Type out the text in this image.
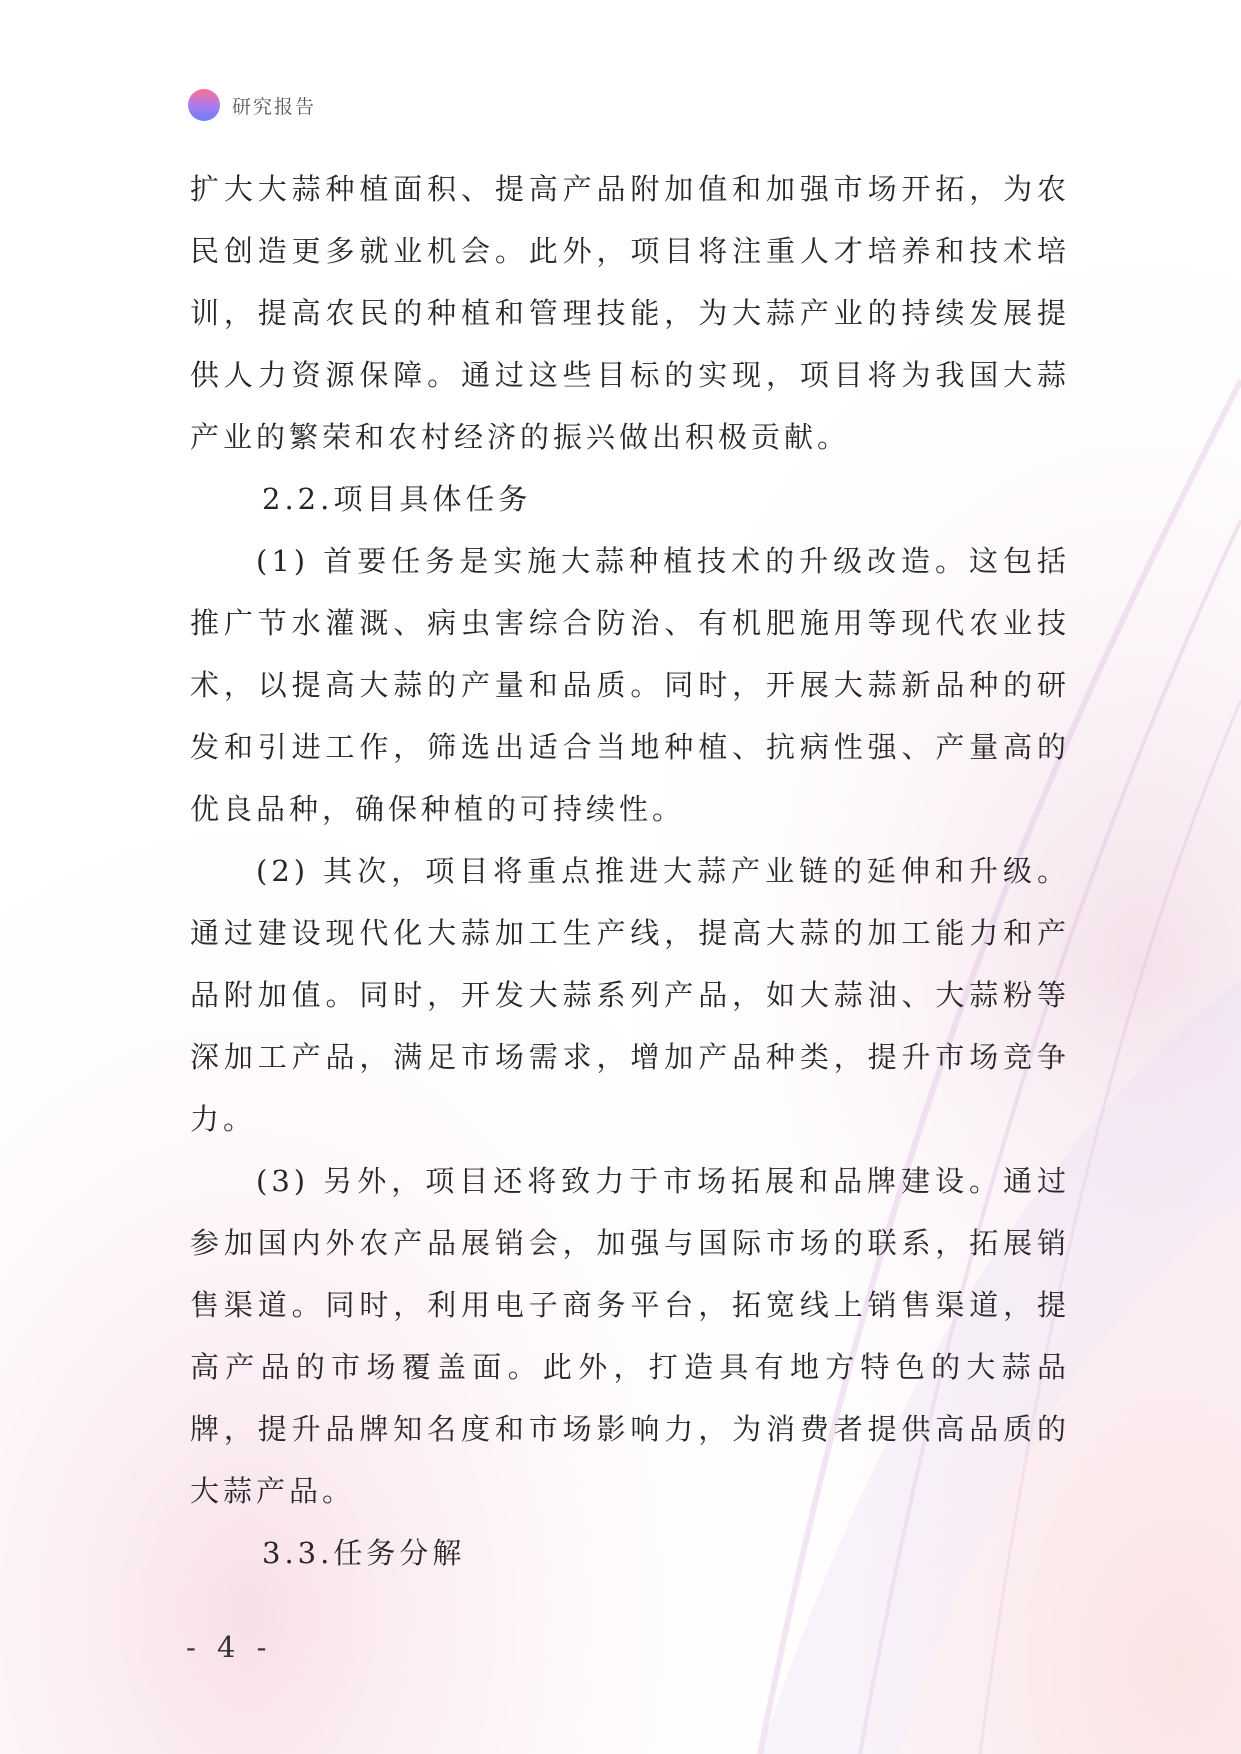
研究报告

扩大大蒜种植面积、提高产品附加值和加强市场开拓，为农民创造更多就业机会。此外，项目将注重人才培养和技术培训，提高农民的种植和管理技能，为大蒜产业的持续发展提供人力资源保障。通过这些目标的实现，项目将为我国大蒜产业的繁荣和农村经济的振兴做出积极贡献。

2.2.项目具体任务

(1) 首要任务是实施大蒜种植技术的升级改造。这包括推广节水灌溉、病虫害综合防治、有机肥施用等现代农业技术，以提高大蒜的产量和品质。同时，开展大蒜新品种的研发和引进工作，筛选出适合当地种植、抗病性强、产量高的优良品种，确保种植的可持续性。

(2) 其次，项目将重点推进大蒜产业链的延伸和升级。通过建设现代化大蒜加工生产线，提高大蒜的加工能力和产品附加值。同时，开发大蒜系列产品，如大蒜油、大蒜粉等深加工产品，满足市场需求，增加产品种类，提升市场竞争力。

(3) 另外，项目还将致力于市场拓展和品牌建设。通过参加国内外农产品展销会，加强与国际市场的联系，拓展销售渠道。同时，利用电子商务平台，拓宽线上销售渠道，提高产品的市场覆盖面。此外，打造具有地方特色的大蒜品牌，提升品牌知名度和市场影响力，为消费者提供高品质的大蒜产品。

3.3.任务分解

- 4 -
